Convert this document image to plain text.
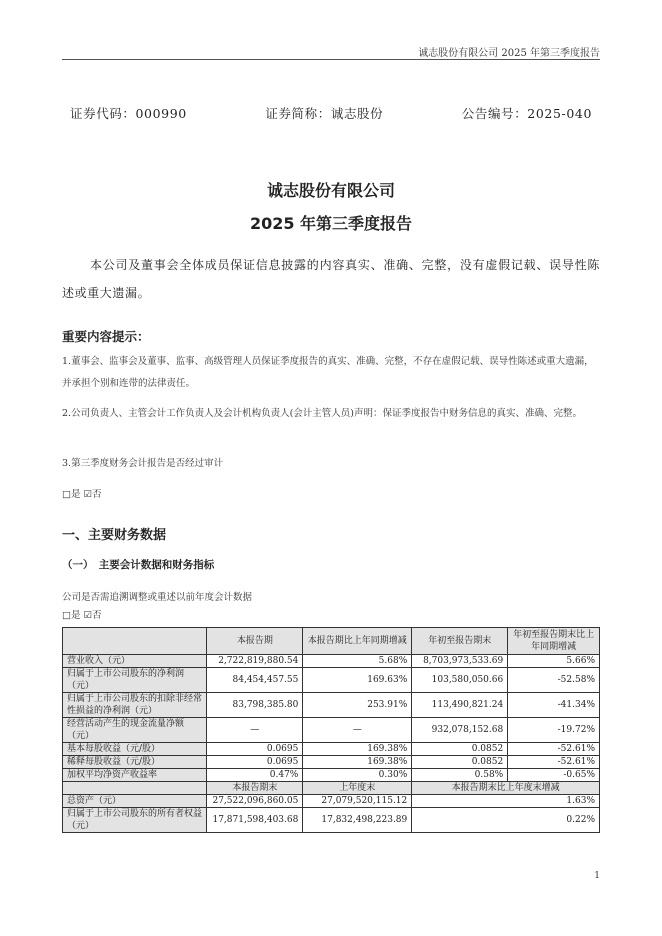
诚志股份有限公司 2025 年第三季度报告
证券代码：000990	证券简称：诚志股份	公告编号：2025-040
诚志股份有限公司
2025 年第三季度报告
本公司及董事会全体成员保证信息披露的内容真实、准确、完整，没有虚假记载、误导性陈述或重大遗漏。
重要内容提示：
1.董事会、监事会及董事、监事、高级管理人员保证季度报告的真实、准确、完整，不存在虚假记载、误导性陈述或重大遗漏，并承担个别和连带的法律责任。
2.公司负责人、主管会计工作负责人及会计机构负责人(会计主管人员)声明：保证季度报告中财务信息的真实、准确、完整。
3.第三季度财务会计报告是否经过审计
□是 ☑否
一、主要财务数据
（一）　主要会计数据和财务指标
公司是否需追溯调整或重述以前年度会计数据
□是 ☑否
	本报告期	本报告期比上年同期增减	年初至报告期末	年初至报告期末比上年同期增减
营业收入（元）	2,722,819,880.54	5.68%	8,703,973,533.69	5.66%
归属于上市公司股东的净利润（元）	84,454,457.55	169.63%	103,580,050.66	-52.58%
归属于上市公司股东的扣除非经常性损益的净利润（元）	83,798,385.80	253.91%	113,490,821.24	-41.34%
经营活动产生的现金流量净额（元）	—	—	932,078,152.68	-19.72%
基本每股收益（元/股）	0.0695	169.38%	0.0852	-52.61%
稀释每股收益（元/股）	0.0695	169.38%	0.0852	-52.61%
加权平均净资产收益率	0.47%	0.30%	0.58%	-0.65%
	本报告期末	上年度末	本报告期末比上年度末增减	
总资产（元）	27,522,096,860.05	27,079,520,115.12	1.63%	
归属于上市公司股东的所有者权益（元）	17,871,598,403.68	17,832,498,223.89	0.22%	
1
